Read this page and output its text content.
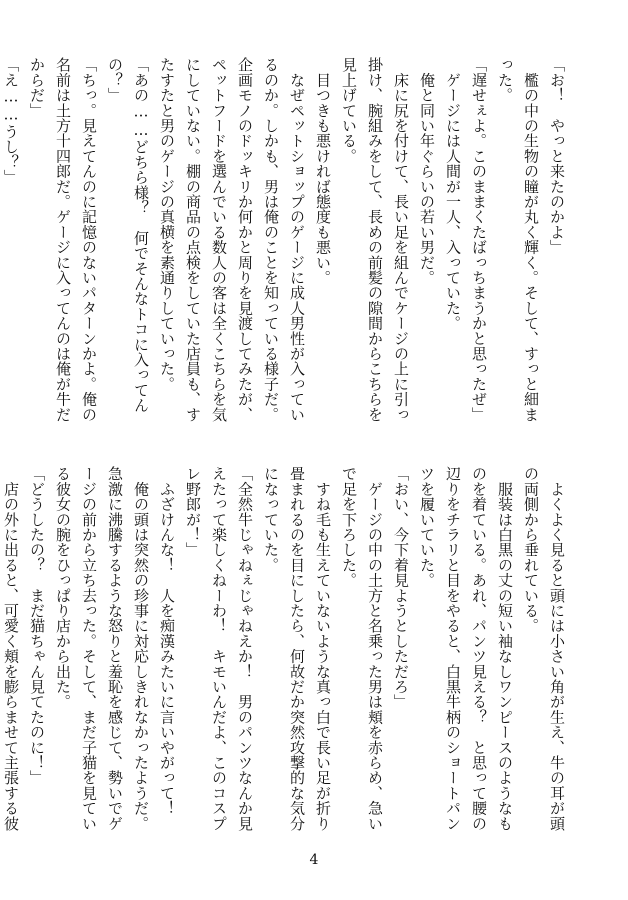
「お！　やっと来たのかよ」

　檻の中の生物の瞳が丸く輝く。そして、すっと細まった。

「遅せぇよ。このままくたばっちまうかと思ったぜ」

　ゲージには人間が一人、入っていた。

　俺と同い年ぐらいの若い男だ。

　床に尻を付けて、長い足を組んでケージの上に引っ掛け、腕組みをして、長めの前髪の隙間からこちらを見上げている。

　目つきも悪ければ態度も悪い。

　なぜペットショップのゲージに成人男性が入っているのか。しかも、男は俺のことを知っている様子だ。企画モノのドッキリか何かと周りを見渡してみたが、ペットフードを選んでいる数人の客は全くこちらを気にしていない。棚の商品の点検をしていた店員も、すたすたと男のゲージの真横を素通りしていった。

「あの……どちら様？　何でそんなトコに入ってんの？」

「ちっ。見えてんのに記憶のないパターンかよ。俺の名前は土方十四郎だ。ゲージに入ってんのは俺が牛だからだ」

「え……うし？」

　よくよく見ると頭には小さい角が生え、牛の耳が頭の両側から垂れている。

　服装は白黒の丈の短い袖なしワンピースのようなものを着ている。あれ、パンツ見える？　と思って腰の辺りをチラリと目をやると、白黒牛柄のショートパンツを履いていた。

「おい、今下着見ようとしただろ」

　ゲージの中の土方と名乗った男は頬を赤らめ、急いで足を下ろした。

　すね毛も生えていないような真っ白で長い足が折り畳まれるのを目にしたら、何故だか突然攻撃的な気分になっていた。

「全然牛じゃねぇじゃねえか！　男のパンツなんか見えたって楽しくねーわ！　キモいんだよ、このコスプレ野郎が！」

　ふざけんな！　人を痴漢みたいに言いやがって！

　俺の頭は突然の珍事に対応しきれなかったようだ。急激に沸騰するような怒りと羞恥を感じて、勢いでゲージの前から立ち去った。そして、まだ子猫を見ている彼女の腕をひっぱり店から出た。

「どうしたの？　まだ猫ちゃん見てたのに！」

　店の外に出ると、可愛く頬を膨らませて主張する彼

4
